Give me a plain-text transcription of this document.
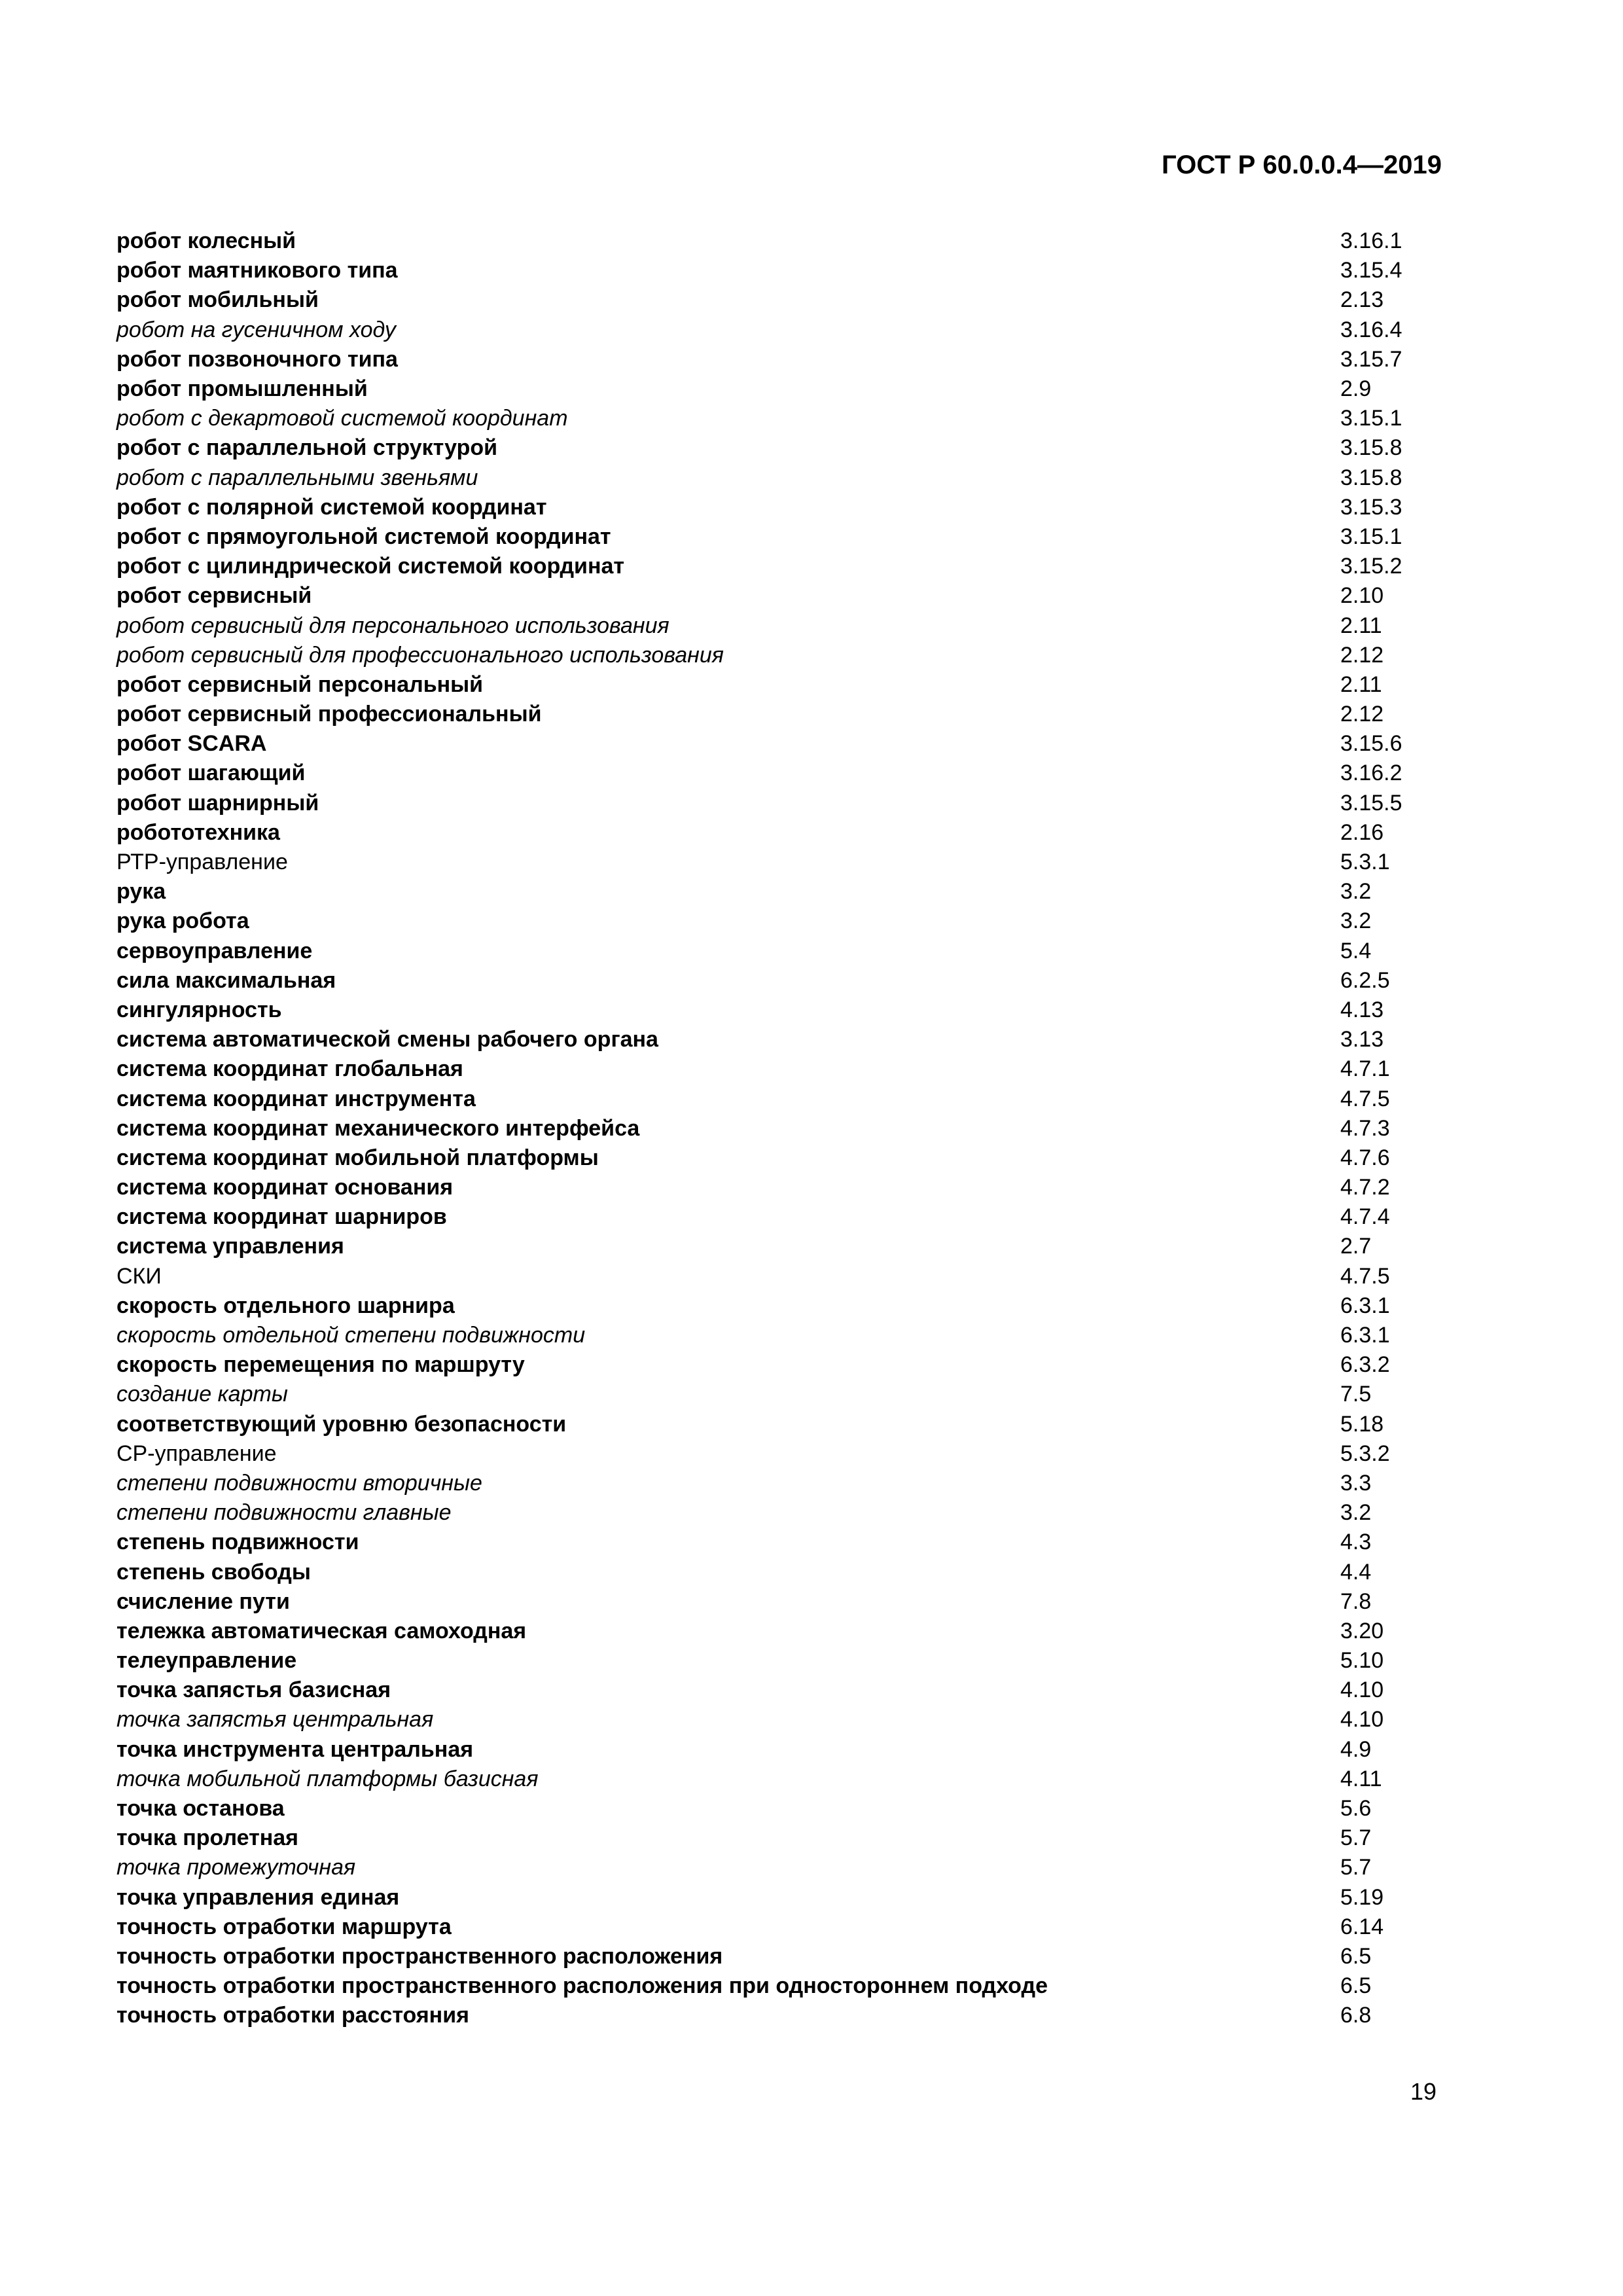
ГОСТ Р 60.0.0.4—2019
робот колесный	3.16.1
робот маятникового типа	3.15.4
робот мобильный	2.13
робот на гусеничном ходу	3.16.4
робот позвоночного типа	3.15.7
робот промышленный	2.9
робот с декартовой системой координат	3.15.1
робот с параллельной структурой	3.15.8
робот с параллельными звеньями	3.15.8
робот с полярной системой координат	3.15.3
робот с прямоугольной системой координат	3.15.1
робот с цилиндрической системой координат	3.15.2
робот сервисный	2.10
робот сервисный для персонального использования	2.11
робот сервисный для профессионального использования	2.12
робот сервисный персональный	2.11
робот сервисный профессиональный	2.12
робот SCARA	3.15.6
робот шагающий	3.16.2
робот шарнирный	3.15.5
робототехника	2.16
РТР-управление	5.3.1
рука	3.2
рука робота	3.2
сервоуправление	5.4
сила максимальная	6.2.5
сингулярность	4.13
система автоматической смены рабочего органа	3.13
система координат глобальная	4.7.1
система координат инструмента	4.7.5
система координат механического интерфейса	4.7.3
система координат мобильной платформы	4.7.6
система координат основания	4.7.2
система координат шарниров	4.7.4
система управления	2.7
СКИ	4.7.5
скорость отдельного шарнира	6.3.1
скорость отдельной степени подвижности	6.3.1
скорость перемещения по маршруту	6.3.2
создание карты	7.5
соответствующий уровню безопасности	5.18
СР-управление	5.3.2
степени подвижности вторичные	3.3
степени подвижности главные	3.2
степень подвижности	4.3
степень свободы	4.4
счисление пути	7.8
тележка автоматическая самоходная	3.20
телеуправление	5.10
точка запястья базисная	4.10
точка запястья центральная	4.10
точка инструмента центральная	4.9
точка мобильной платформы базисная	4.11
точка останова	5.6
точка пролетная	5.7
точка промежуточная	5.7
точка управления единая	5.19
точность отработки маршрута	6.14
точность отработки пространственного расположения	6.5
точность отработки пространственного расположения при одностороннем подходе	6.5
точность отработки расстояния	6.8
19
